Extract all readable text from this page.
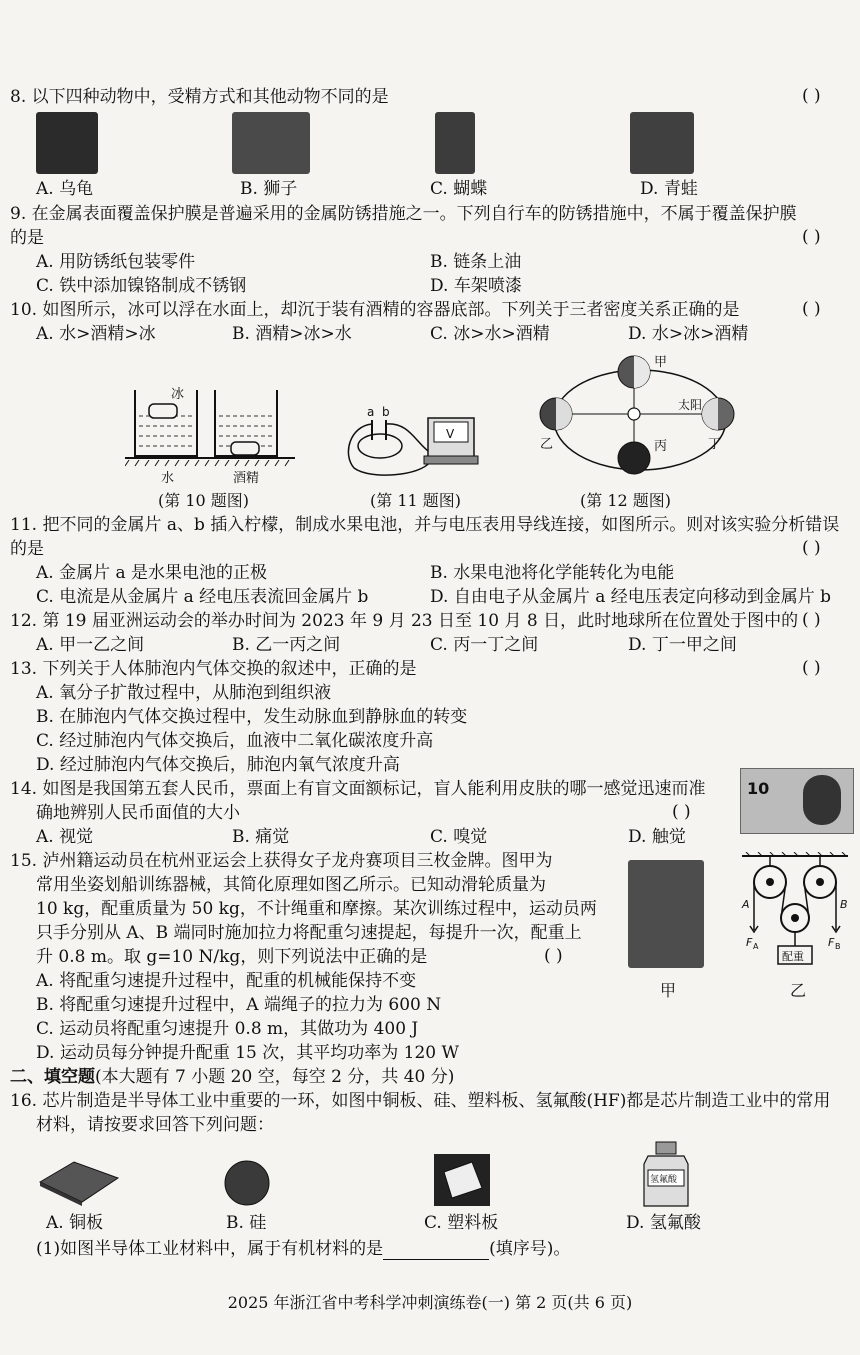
8. 以下四种动物中，受精方式和其他动物不同的是	( )
A. 乌龟	B. 狮子	C. 蝴蝶	D. 青蛙
9. 在金属表面覆盖保护膜是普遍采用的金属防锈措施之一。下列自行车的防锈措施中，不属于覆盖保护膜
的是	( )
A. 用防锈纸包装零件	B. 链条上油
C. 铁中添加镍铬制成不锈钢	D. 车架喷漆
10. 如图所示，冰可以浮在水面上，却沉于装有酒精的容器底部。下列关于三者密度关系正确的是	( )
A. 水>酒精>冰	B. 酒精>冰>水	C. 冰>水>酒精	D. 水>冰>酒精
冰
水	酒精
(第 10 题图)
a b
V
(第 11 题图)
太阳
甲
乙	丙	丁
(第 12 题图)
11. 把不同的金属片 a、b 插入柠檬，制成水果电池，并与电压表用导线连接，如图所示。则对该实验分析错误
的是	( )
A. 金属片 a 是水果电池的正极	B. 水果电池将化学能转化为电能
C. 电流是从金属片 a 经电压表流回金属片 b	D. 自由电子从金属片 a 经电压表定向移动到金属片 b
12. 第 19 届亚洲运动会的举办时间为 2023 年 9 月 23 日至 10 月 8 日，此时地球所在位置处于图中的 ( )
A. 甲一乙之间	B. 乙一丙之间	C. 丙一丁之间	D. 丁一甲之间
13. 下列关于人体肺泡内气体交换的叙述中，正确的是	( )
A. 氧分子扩散过程中，从肺泡到组织液
B. 在肺泡内气体交换过程中，发生动脉血到静脉血的转变
C. 经过肺泡内气体交换后，血液中二氧化碳浓度升高
D. 经过肺泡内气体交换后，肺泡内氧气浓度升高
14. 如图是我国第五套人民币，票面上有盲文面额标记，盲人能利用皮肤的哪一感觉迅速而准
确地辨别人民币面值的大小	( )
A. 视觉	B. 痛觉	C. 嗅觉	D. 触觉
10
15. 泸州籍运动员在杭州亚运会上获得女子龙舟赛项目三枚金牌。图甲为
常用坐姿划船训练器械，其简化原理如图乙所示。已知动滑轮质量为
10 kg，配重质量为 50 kg，不计绳重和摩擦。某次训练过程中，运动员两
只手分别从 A、B 端同时施加拉力将配重匀速提起，每提升一次，配重上
升 0.8 m。取 g=10 N/kg，则下列说法中正确的是	( )
A. 将配重匀速提升过程中，配重的机械能保持不变
B. 将配重匀速提升过程中，A 端绳子的拉力为 600 N
C. 运动员将配重匀速提升 0.8 m，其做功为 400 J
D. 运动员每分钟提升配重 15 次，其平均功率为 120 W
甲
配重
A	B
F A	F B
乙
二、填空题(本大题有 7 小题 20 空，每空 2 分，共 40 分)
16. 芯片制造是半导体工业中重要的一环，如图中铜板、硅、塑料板、氢氟酸(HF)都是芯片制造工业中的常用
材料，请按要求回答下列问题：
氢氟酸
A. 铜板	B. 硅	C. 塑料板	D. 氢氟酸
(1)如图半导体工业材料中，属于有机材料的是	(填序号)。
2025 年浙江省中考科学冲刺演练卷(一) 第 2 页(共 6 页)
